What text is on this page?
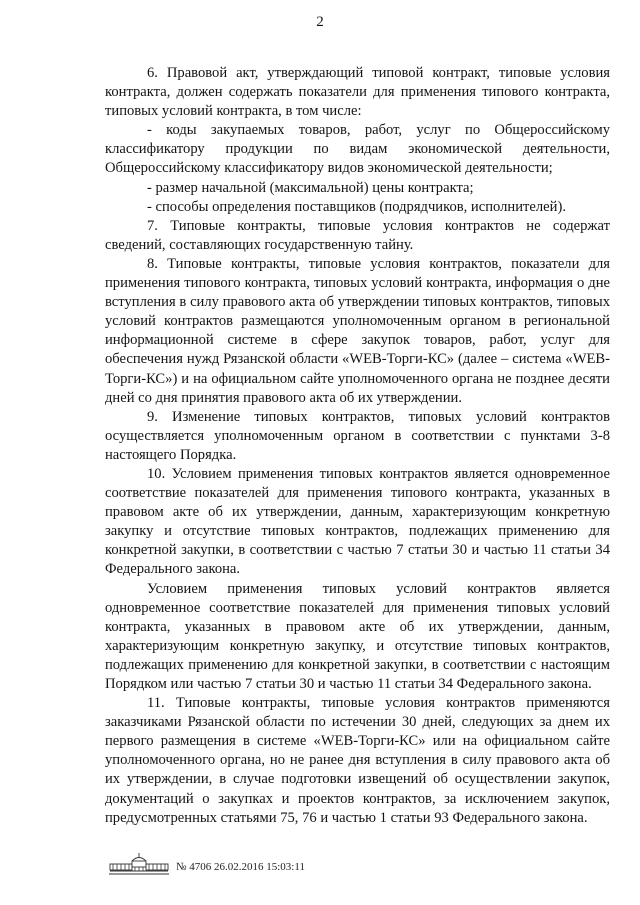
2

6. Правовой акт, утверждающий типовой контракт, типовые условия контракта, должен содержать показатели для применения типового контракта, типовых условий контракта, в том числе:

- коды закупаемых товаров, работ, услуг по Общероссийскому классификатору продукции по видам экономической деятельности, Общероссийскому классификатору видов экономической деятельности;

- размер начальной (максимальной) цены контракта;

- способы определения поставщиков (подрядчиков, исполнителей).

7. Типовые контракты, типовые условия контрактов не содержат сведений, составляющих государственную тайну.

8. Типовые контракты, типовые условия контрактов, показатели для применения типового контракта, типовых условий контракта, информация о дне вступления в силу правового акта об утверждении типовых контрактов, типовых условий контрактов размещаются уполномоченным органом в региональной информационной системе в сфере закупок товаров, работ, услуг для обеспечения нужд Рязанской области «WEB-Торги-КС» (далее – система «WEB-Торги-КС») и на официальном сайте уполномоченного органа не позднее десяти дней со дня принятия правового акта об их утверждении.

9. Изменение типовых контрактов, типовых условий контрактов осуществляется уполномоченным органом в соответствии с пунктами 3-8 настоящего Порядка.

10. Условием применения типовых контрактов является одновременное соответствие показателей для применения типового контракта, указанных в правовом акте об их утверждении, данным, характеризующим конкретную закупку и отсутствие типовых контрактов, подлежащих применению для конкретной закупки, в соответствии с частью 7 статьи 30 и частью 11 статьи 34 Федерального закона.

Условием применения типовых условий контрактов является одновременное соответствие показателей для применения типовых условий контракта, указанных в правовом акте об их утверждении, данным, характеризующим конкретную закупку, и отсутствие типовых контрактов, подлежащих применению для конкретной закупки, в соответствии с настоящим Порядком или частью 7 статьи 30 и частью 11 статьи 34 Федерального закона.

11. Типовые контракты, типовые условия контрактов применяются заказчиками Рязанской области по истечении 30 дней, следующих за днем их первого размещения в системе «WEB-Торги-КС» или на официальном сайте уполномоченного органа, но не ранее дня вступления в силу правового акта об их утверждении, в случае подготовки извещений об осуществлении закупок, документаций о закупках и проектов контрактов, за исключением закупок, предусмотренных статьями 75, 76 и частью 1 статьи 93 Федерального закона.

№ 4706 26.02.2016 15:03:11
